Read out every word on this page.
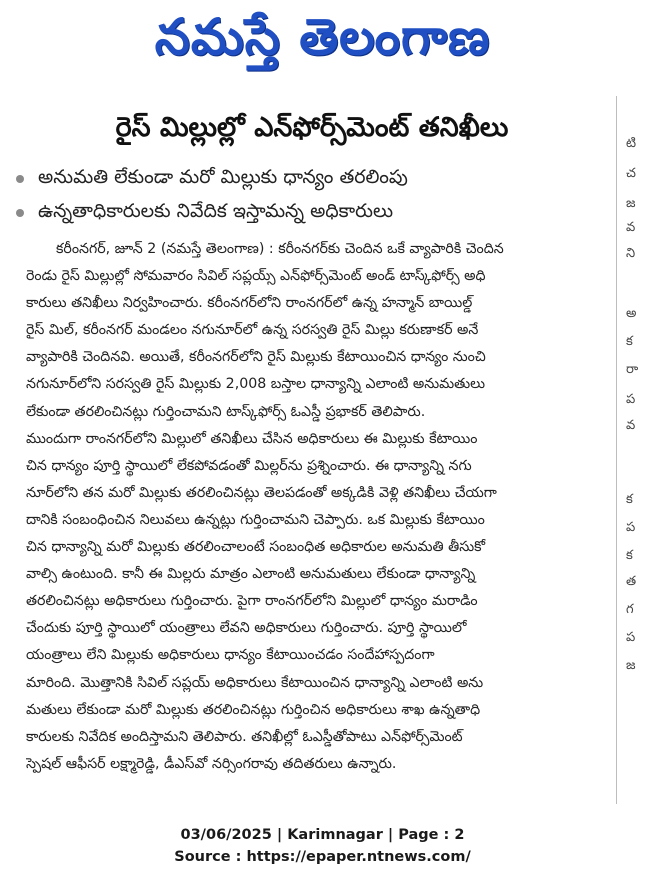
నమస్తే తెలంగాణ
రైస్ మిల్లుల్లో ఎన్‌ఫోర్స్‌మెంట్ తనిఖీలు
అనుమతి లేకుండా మరో మిల్లుకు ధాన్యం తరలింపు
ఉన్నతాధికారులకు నివేదిక ఇస్తామన్న అధికారులు
కరీంనగర్, జూన్ 2 (నమస్తే తెలంగాణ) : కరీంనగర్‌కు చెందిన ఒకే వ్యాపారికి చెందిన
రెండు రైస్ మిల్లుల్లో సోమవారం సివిల్ సప్లయ్స్ ఎన్‌ఫోర్స్‌మెంట్ అండ్ టాస్క్‌ఫోర్స్ అధి
కారులు తనిఖీలు నిర్వహించారు. కరీంనగర్‌లోని రాంనగర్‌లో ఉన్న హన్మాన్ బాయిల్డ్
రైస్ మిల్, కరీంనగర్ మండలం నగునూర్‌లో ఉన్న సరస్వతి రైస్ మిల్లు కరుణాకర్ అనే
వ్యాపారికి చెందినవి. అయితే, కరీంనగర్‌లోని రైస్ మిల్లుకు కేటాయించిన ధాన్యం నుంచి
నగునూర్‌లోని సరస్వతి రైస్ మిల్లుకు 2,008 బస్తాల ధాన్యాన్ని ఎలాంటి అనుమతులు
లేకుండా తరలించినట్లు గుర్తించామని టాస్క్‌ఫోర్స్ ఓఎస్డీ ప్రభాకర్ తెలిపారు.
ముందుగా రాంనగర్‌లోని మిల్లులో తనిఖీలు చేసిన అధికారులు ఈ మిల్లుకు కేటాయిం
చిన ధాన్యం పూర్తి స్థాయిలో లేకపోవడంతో మిల్లర్‌ను ప్రశ్నించారు. ఈ ధాన్యాన్ని నగు
నూర్‌లోని తన మరో మిల్లుకు తరలించినట్లు తెలపడంతో అక్కడికి వెళ్లి తనిఖీలు చేయగా
దానికి సంబంధించిన నిలువలు ఉన్నట్లు గుర్తించామని చెప్పారు. ఒక మిల్లుకు కేటాయిం
చిన ధాన్యాన్ని మరో మిల్లుకు తరలించాలంటే సంబంధిత అధికారుల అనుమతి తీసుకో
వాల్సి ఉంటుంది. కానీ ఈ మిల్లరు మాత్రం ఎలాంటి అనుమతులు లేకుండా ధాన్యాన్ని
తరలించినట్లు అధికారులు గుర్తించారు. పైగా రాంనగర్‌లోని మిల్లులో ధాన్యం మరాడిం
చేందుకు పూర్తి స్థాయిలో యంత్రాలు లేవని అధికారులు గుర్తించారు. పూర్తి స్థాయిలో
యంత్రాలు లేని మిల్లుకు అధికారులు ధాన్యం కేటాయించడం సందేహాస్పదంగా
మారింది. మొత్తానికి సివిల్ సప్లయ్ అధికారులు కేటాయించిన ధాన్యాన్ని ఎలాంటి అను
మతులు లేకుండా మరో మిల్లుకు తరలించినట్లు గుర్తించిన అధికారులు శాఖ ఉన్నతాధి
కారులకు నివేదిక అందిస్తామని తెలిపారు. తనిఖీల్లో ఓఎస్డీతోపాటు ఎన్‌ఫోర్స్‌మెంట్
స్పెషల్ ఆఫీసర్ లక్ష్మారెడ్డి, డీఎస్‌వో నర్సింగరావు తదితరులు ఉన్నారు.
టి
చ
జ
వ
ని
అ
క
రా
ప
వ
క
ప
క
త
గ
ప
జ
03/06/2025 | Karimnagar | Page : 2
Source : https://epaper.ntnews.com/
